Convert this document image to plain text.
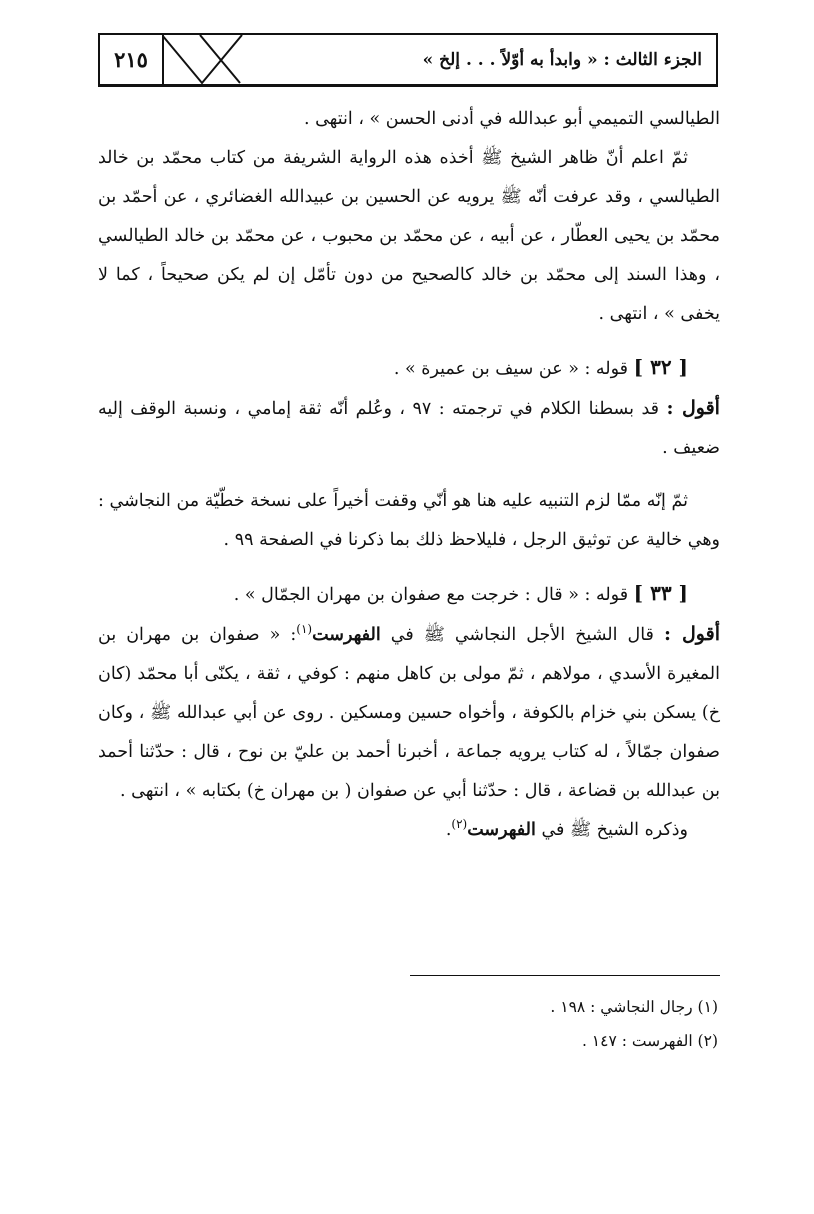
٢١٥	الجزء الثالث : « وابدأ به أوّلاً . . . إلخ »

الطيالسي التميمي أبو عبدالله في أدنى الحسن » ، انتهى .

ثمّ اعلم أنّ ظاهر الشيخ ﷺ أخذه هذه الرواية الشريفة من كتاب محمّد بن خالد الطيالسي ، وقد عرفت أنّه ﷺ يرويه عن الحسين بن عبيدالله الغضائري ، عن أحمّد بن محمّد بن يحيى العطّار ، عن أبيه ، عن محمّد بن محبوب ، عن محمّد بن خالد الطيالسي ، وهذا السند إلى محمّد بن خالد كالصحيح من دون تأمّل إن لم يكن صحيحاً ، كما لا يخفى » ، انتهى .

[ ٣٢ ] قوله : « عن سيف بن عميرة » .

أقول : قد بسطنا الكلام في ترجمته : ٩٧ ، وعُلم أنّه ثقة إمامي ، ونسبة الوقف إليه ضعيف .

ثمّ إنّه ممّا لزم التنبيه عليه هنا هو أنّي وقفت أخيراً على نسخة خطّيّة من النجاشي : وهي خالية عن توثيق الرجل ، فليلاحظ ذلك بما ذكرنا في الصفحة ٩٩ .

[ ٣٣ ] قوله : « قال : خرجت مع صفوان بن مهران الجمّال » .

أقول : قال الشيخ الأجل النجاشي ﷺ في الفهرست$^{(١)}$: « صفوان بن مهران بن المغيرة الأسدي ، مولاهم ، ثمّ مولى بن كاهل منهم : كوفي ، ثقة ، يكنّى أبا محمّد (كان خ) يسكن بني خزام بالكوفة ، وأخواه حسين ومسكين . روى عن أبي عبدالله ﷺ ، وكان صفوان جمّالاً ، له كتاب يرويه جماعة ، أخبرنا أحمد بن عليّ بن نوح ، قال : حدّثنا أحمد بن عبدالله بن قضاعة ، قال : حدّثنا أبي عن صفوان ( بن مهران خ) بكتابه » ، انتهى .

وذكره الشيخ ﷺ في الفهرست$^{(٢)}$.

(١) رجال النجاشي : ١٩٨ .

(٢) الفهرست : ١٤٧ .
